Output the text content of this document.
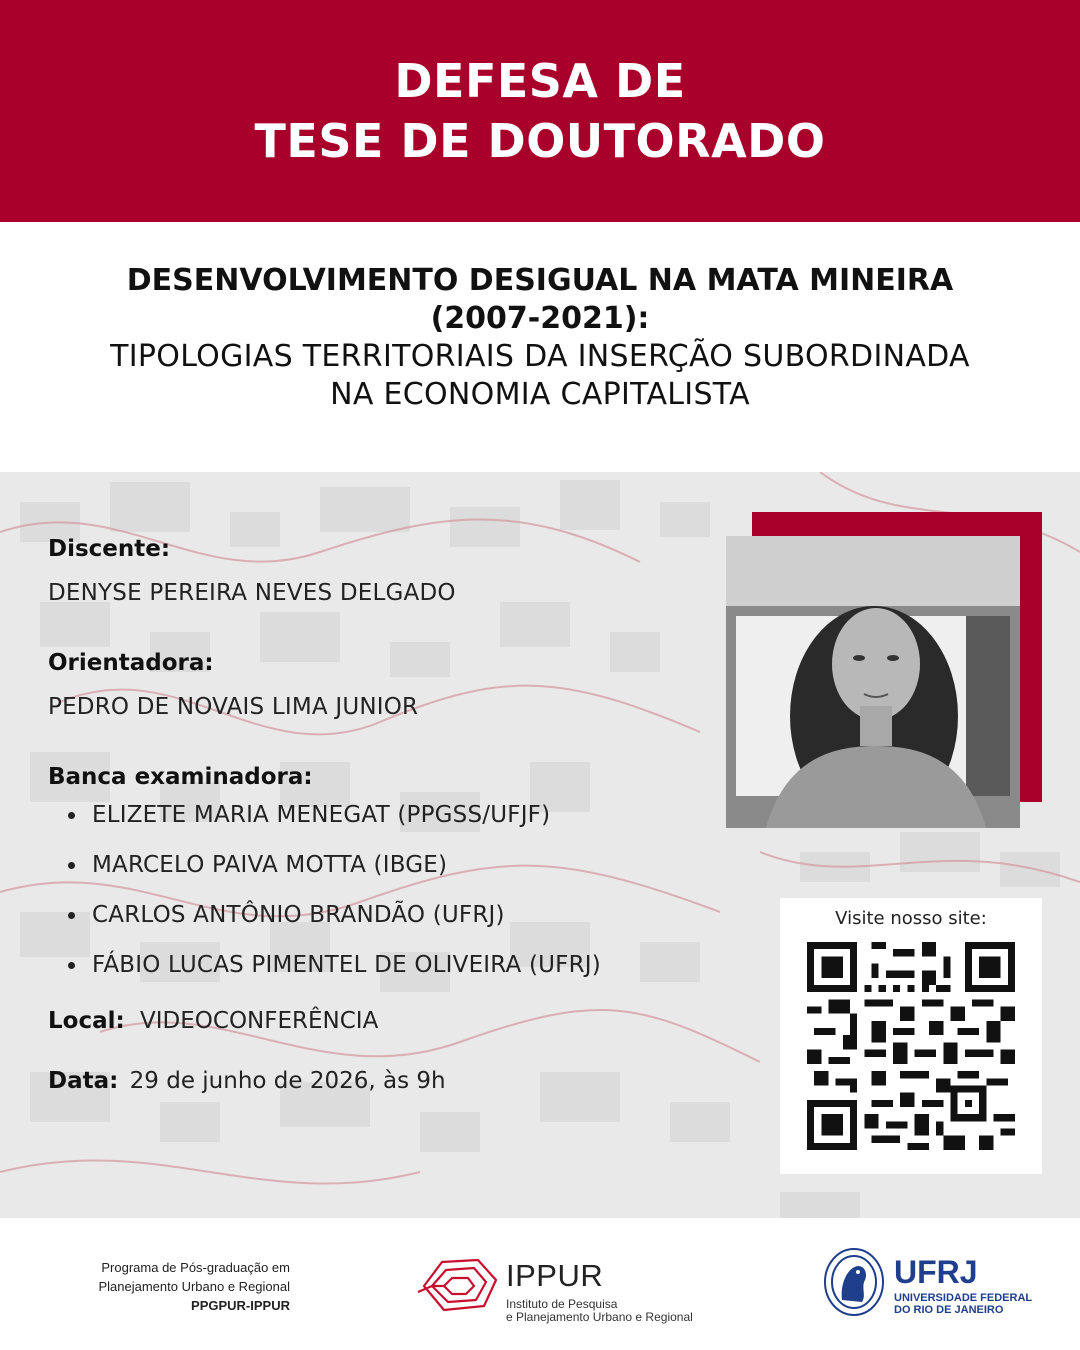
DEFESA DE
TESE DE DOUTORADO
DESENVOLVIMENTO DESIGUAL NA MATA MINEIRA
(2007-2021):
TIPOLOGIAS TERRITORIAIS DA INSERÇÃO SUBORDINADA
NA ECONOMIA CAPITALISTA
Discente:
DENYSE PEREIRA NEVES DELGADO
Orientadora:
PEDRO DE NOVAIS LIMA JUNIOR
Banca examinadora:
ELIZETE MARIA MENEGAT (PPGSS/UFJF)
MARCELO PAIVA MOTTA (IBGE)
CARLOS ANTÔNIO BRANDÃO (UFRJ)
FÁBIO LUCAS PIMENTEL DE OLIVEIRA (UFRJ)
Local: VIDEOCONFERÊNCIA
Data: 29 de junho de 2026, às 9h
Visite nosso site:
Programa de Pós-graduação em
Planejamento Urbano e Regional
PPGPUR-IPPUR
IPPUR
Instituto de Pesquisa
e Planejamento Urbano e Regional
UFRJ
UNIVERSIDADE FEDERAL
DO RIO DE JANEIRO
